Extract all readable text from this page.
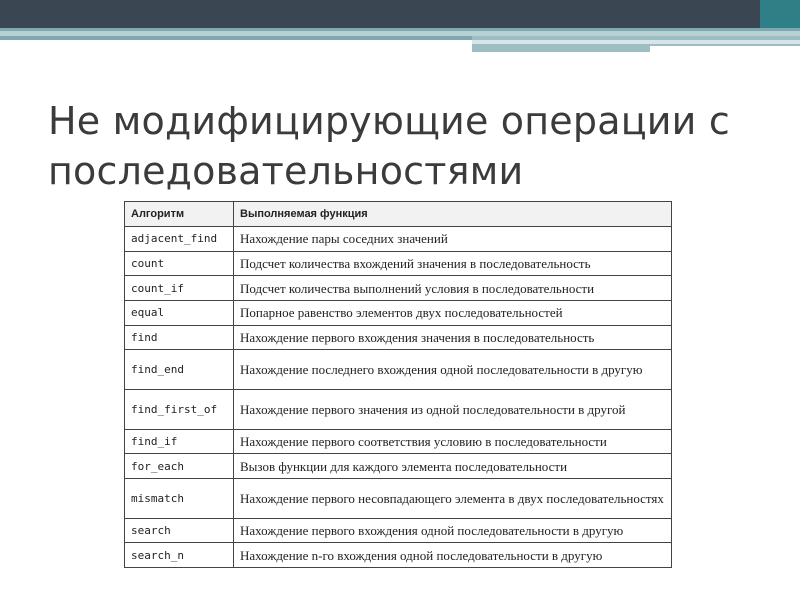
Не модифицирующие операции с последовательностями
Алгоритм	Выполняемая функция
adjacent_find	Нахождение пары соседних значений
count	Подсчет количества вхождений значения в последовательность
count_if	Подсчет количества выполнений условия в последовательности
equal	Попарное равенство элементов двух последовательностей
find	Нахождение первого вхождения значения в последовательность
find_end	Нахождение последнего вхождения одной последовательности в другую
find_first_of	Нахождение первого значения из одной последовательности в другой
find_if	Нахождение первого соответствия условию в последовательности
for_each	Вызов функции для каждого элемента последовательности
mismatch	Нахождение первого несовпадающего элемента в двух последовательностях
search	Нахождение первого вхождения одной последовательности в другую
search_n	Нахождение n-го вхождения одной последовательности в другую
